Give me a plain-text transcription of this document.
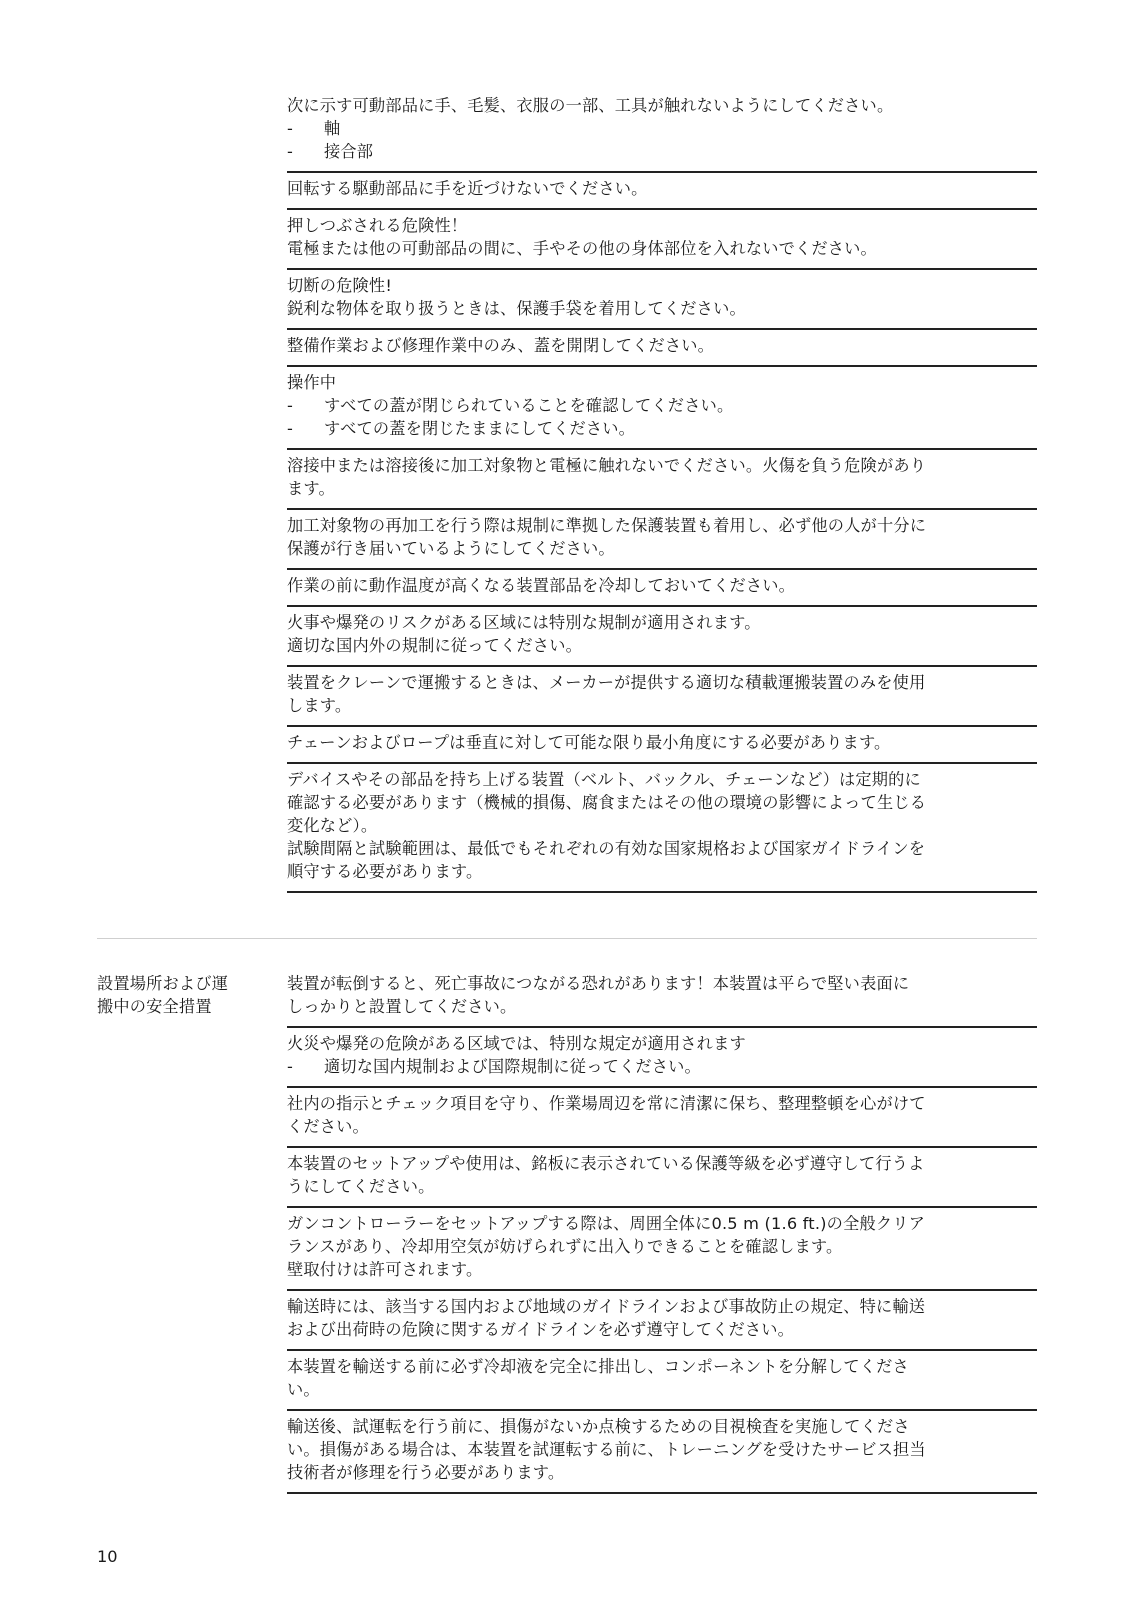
次に示す可動部品に手、毛髪、衣服の一部、工具が触れないようにしてください。

-	軸

-	接合部

回転する駆動部品に手を近づけないでください。

押しつぶされる危険性！

電極または他の可動部品の間に、手やその他の身体部位を入れないでください。

切断の危険性!

鋭利な物体を取り扱うときは、保護手袋を着用してください。

整備作業および修理作業中のみ、蓋を開閉してください。

操作中

-	すべての蓋が閉じられていることを確認してください。

-	すべての蓋を閉じたままにしてください。

溶接中または溶接後に加工対象物と電極に触れないでください。火傷を負う危険があり

ます。

加工対象物の再加工を行う際は規制に準拠した保護装置も着用し、必ず他の人が十分に

保護が行き届いているようにしてください。

作業の前に動作温度が高くなる装置部品を冷却しておいてください。

火事や爆発のリスクがある区域には特別な規制が適用されます。

適切な国内外の規制に従ってください。

装置をクレーンで運搬するときは、メーカーが提供する適切な積載運搬装置のみを使用

します。

チェーンおよびロープは垂直に対して可能な限り最小角度にする必要があります。

デバイスやその部品を持ち上げる装置（ベルト、バックル、チェーンなど）は定期的に

確認する必要があります（機械的損傷、腐食またはその他の環境の影響によって生じる

変化など）。

試験間隔と試験範囲は、最低でもそれぞれの有効な国家規格および国家ガイドラインを

順守する必要があります。

設置場所および運
搬中の安全措置

装置が転倒すると、死亡事故につながる恐れがあります！本装置は平らで堅い表面に

しっかりと設置してください。

火災や爆発の危険がある区域では、特別な規定が適用されます

-	適切な国内規制および国際規制に従ってください。

社内の指示とチェック項目を守り、作業場周辺を常に清潔に保ち、整理整頓を心がけて

ください。

本装置のセットアップや使用は、銘板に表示されている保護等級を必ず遵守して行うよ

うにしてください。

ガンコントローラーをセットアップする際は、周囲全体に0.5 m (1.6 ft.)の全般クリア

ランスがあり、冷却用空気が妨げられずに出入りできることを確認します。

壁取付けは許可されます。

輸送時には、該当する国内および地域のガイドラインおよび事故防止の規定、特に輸送

および出荷時の危険に関するガイドラインを必ず遵守してください。

本装置を輸送する前に必ず冷却液を完全に排出し、コンポーネントを分解してくださ

い。

輸送後、試運転を行う前に、損傷がないか点検するための目視検査を実施してくださ

い。損傷がある場合は、本装置を試運転する前に、トレーニングを受けたサービス担当

技術者が修理を行う必要があります。

10
